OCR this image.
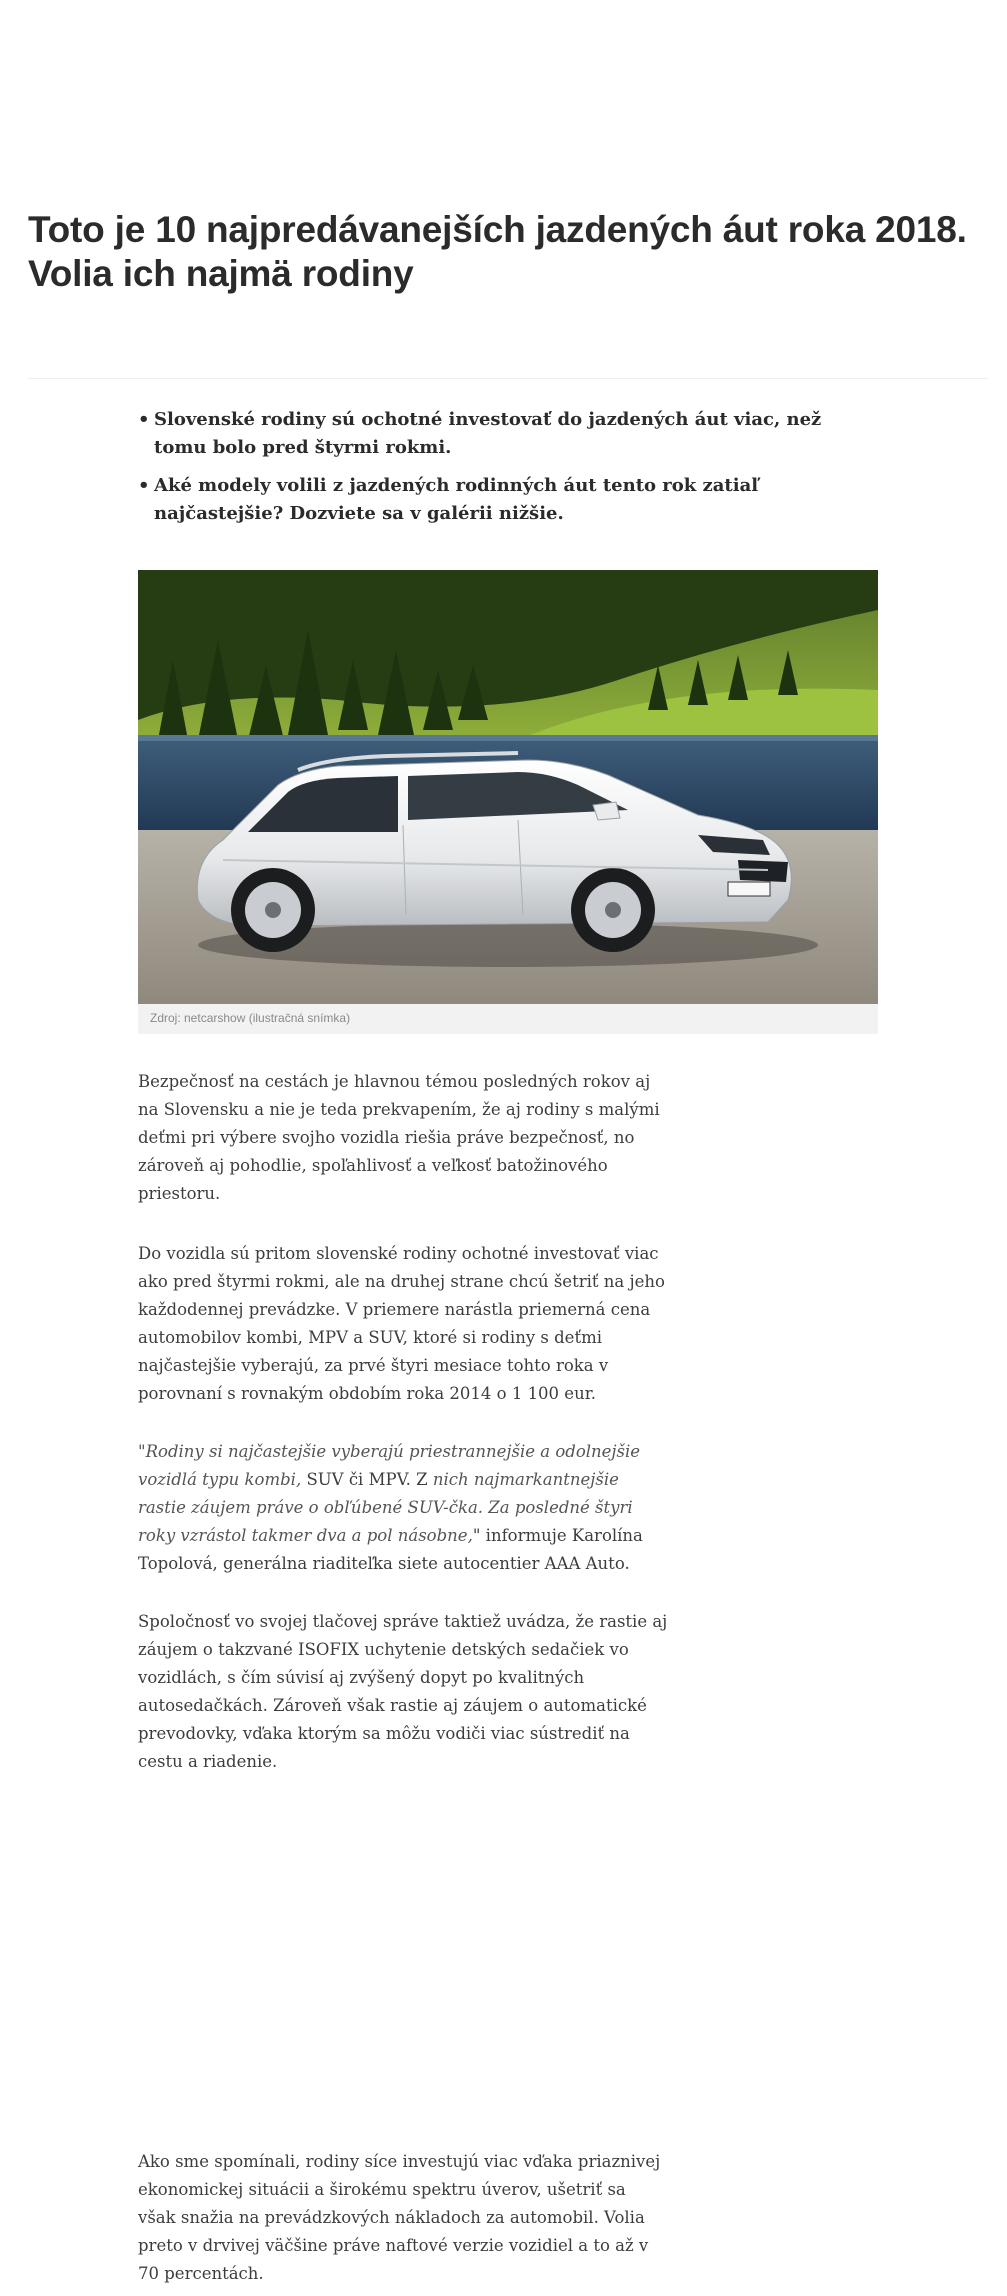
Toto je 10 najpredávanejších jazdených áut roka 2018. Volia ich najmä rodiny
• Slovenské rodiny sú ochotné investovať do jazdených áut viac, než tomu bolo pred štyrmi rokmi.
• Aké modely volili z jazdených rodinných áut tento rok zatiaľ najčastejšie? Dozviete sa v galérii nižšie.
Zdroj: netcarshow (ilustračná snímka)

Bezpečnosť na cestách je hlavnou témou posledných rokov aj na Slovensku a nie je teda prekvapením, že aj rodiny s malými deťmi pri výbere svojho vozidla riešia práve bezpečnosť, no zároveň aj pohodlie, spoľahlivosť a veľkosť batožinového priestoru.

Do vozidla sú pritom slovenské rodiny ochotné investovať viac ako pred štyrmi rokmi, ale na druhej strane chcú šetriť na jeho každodennej prevádzke. V priemere narástla priemerná cena automobilov kombi, MPV a SUV, ktoré si rodiny s deťmi najčastejšie vyberajú, za prvé štyri mesiace tohto roka v porovnaní s rovnakým obdobím roka 2014 o 1 100 eur.

"Rodiny si najčastejšie vyberajú priestrannejšie a odolnejšie vozidlá typu kombi, SUV či MPV. Z nich najmarkantnejšie rastie záujem práve o obľúbené SUV-čka. Za posledné štyri roky vzrástol takmer dva a pol násobne," informuje Karolína Topolová, generálna riaditeľka siete autocentier AAA Auto.

Spoločnosť vo svojej tlačovej správe taktiež uvádza, že rastie aj záujem o takzvané ISOFIX uchytenie detských sedačiek vo vozidlách, s čím súvisí aj zvýšený dopyt po kvalitných autosedačkách. Zároveň však rastie aj záujem o automatické prevodovky, vďaka ktorým sa môžu vodiči viac sústrediť na cestu a riadenie.

Ako sme spomínali, rodiny síce investujú viac vďaka priaznivej ekonomickej situácii a širokému spektru úverov, ušetriť sa však snažia na prevádzkových nákladoch za automobil. Volia preto v drvivej väčšine práve naftové verzie vozidiel a to až v 70 percentách.
